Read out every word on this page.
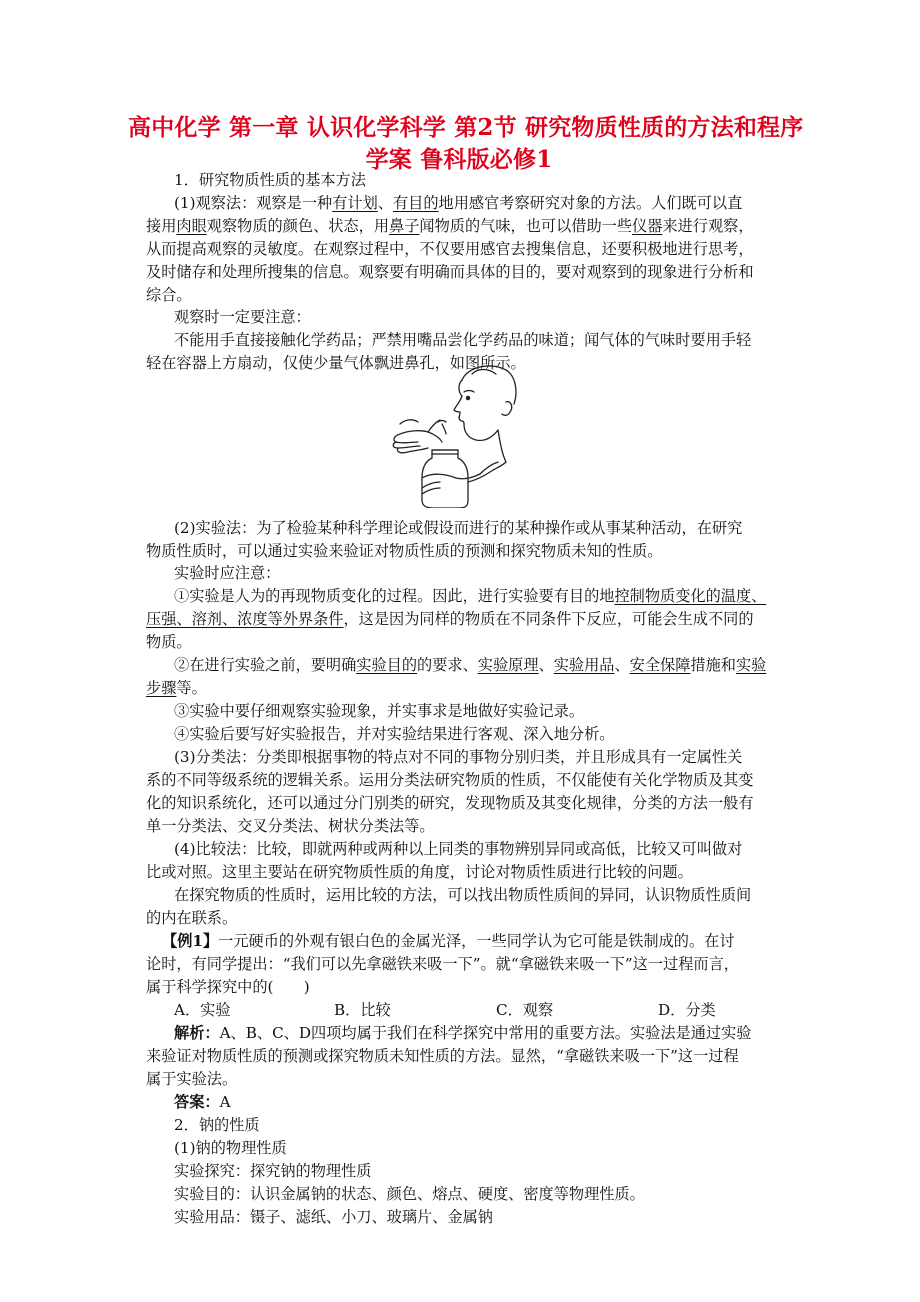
高中化学 第一章 认识化学科学 第2节 研究物质性质的方法和程序
学案 鲁科版必修1
1．研究物质性质的基本方法
(1)观察法：观察是一种有计划、有目的地用感官考察研究对象的方法。人们既可以直
接用肉眼观察物质的颜色、状态，用鼻子闻物质的气味，也可以借助一些仪器来进行观察，
从而提高观察的灵敏度。在观察过程中，不仅要用感官去搜集信息，还要积极地进行思考，
及时储存和处理所搜集的信息。观察要有明确而具体的目的，要对观察到的现象进行分析和
综合。
观察时一定要注意：
不能用手直接接触化学药品；严禁用嘴品尝化学药品的味道；闻气体的气味时要用手轻
轻在容器上方扇动，仅使少量气体飘进鼻孔，如图所示。
(2)实验法：为了检验某种科学理论或假设而进行的某种操作或从事某种活动，在研究
物质性质时，可以通过实验来验证对物质性质的预测和探究物质未知的性质。
实验时应注意：
①实验是人为的再现物质变化的过程。因此，进行实验要有目的地控制物质变化的温度、
压强、溶剂、浓度等外界条件，这是因为同样的物质在不同条件下反应，可能会生成不同的
物质。
②在进行实验之前，要明确实验目的的要求、实验原理、实验用品、安全保障措施和实验
步骤等。
③实验中要仔细观察实验现象，并实事求是地做好实验记录。
④实验后要写好实验报告，并对实验结果进行客观、深入地分析。
(3)分类法：分类即根据事物的特点对不同的事物分别归类，并且形成具有一定属性关
系的不同等级系统的逻辑关系。运用分类法研究物质的性质，不仅能使有关化学物质及其变
化的知识系统化，还可以通过分门别类的研究，发现物质及其变化规律，分类的方法一般有
单一分类法、交叉分类法、树状分类法等。
(4)比较法：比较，即就两种或两种以上同类的事物辨别异同或高低，比较又可叫做对
比或对照。这里主要站在研究物质性质的角度，讨论对物质性质进行比较的问题。
在探究物质的性质时，运用比较的方法，可以找出物质性质间的异同，认识物质性质间
的内在联系。
【例1】一元硬币的外观有银白色的金属光泽，一些同学认为它可能是铁制成的。在讨
论时，有同学提出：“我们可以先拿磁铁来吸一下”。就“拿磁铁来吸一下”这一过程而言，
属于科学探究中的(　　)
A．实验	B．比较	C．观察	D．分类
解析：A、B、C、D四项均属于我们在科学探究中常用的重要方法。实验法是通过实验
来验证对物质性质的预测或探究物质未知性质的方法。显然，“拿磁铁来吸一下”这一过程
属于实验法。
答案：A
2．钠的性质
(1)钠的物理性质
实验探究：探究钠的物理性质
实验目的：认识金属钠的状态、颜色、熔点、硬度、密度等物理性质。
实验用品：镊子、滤纸、小刀、玻璃片、金属钠
